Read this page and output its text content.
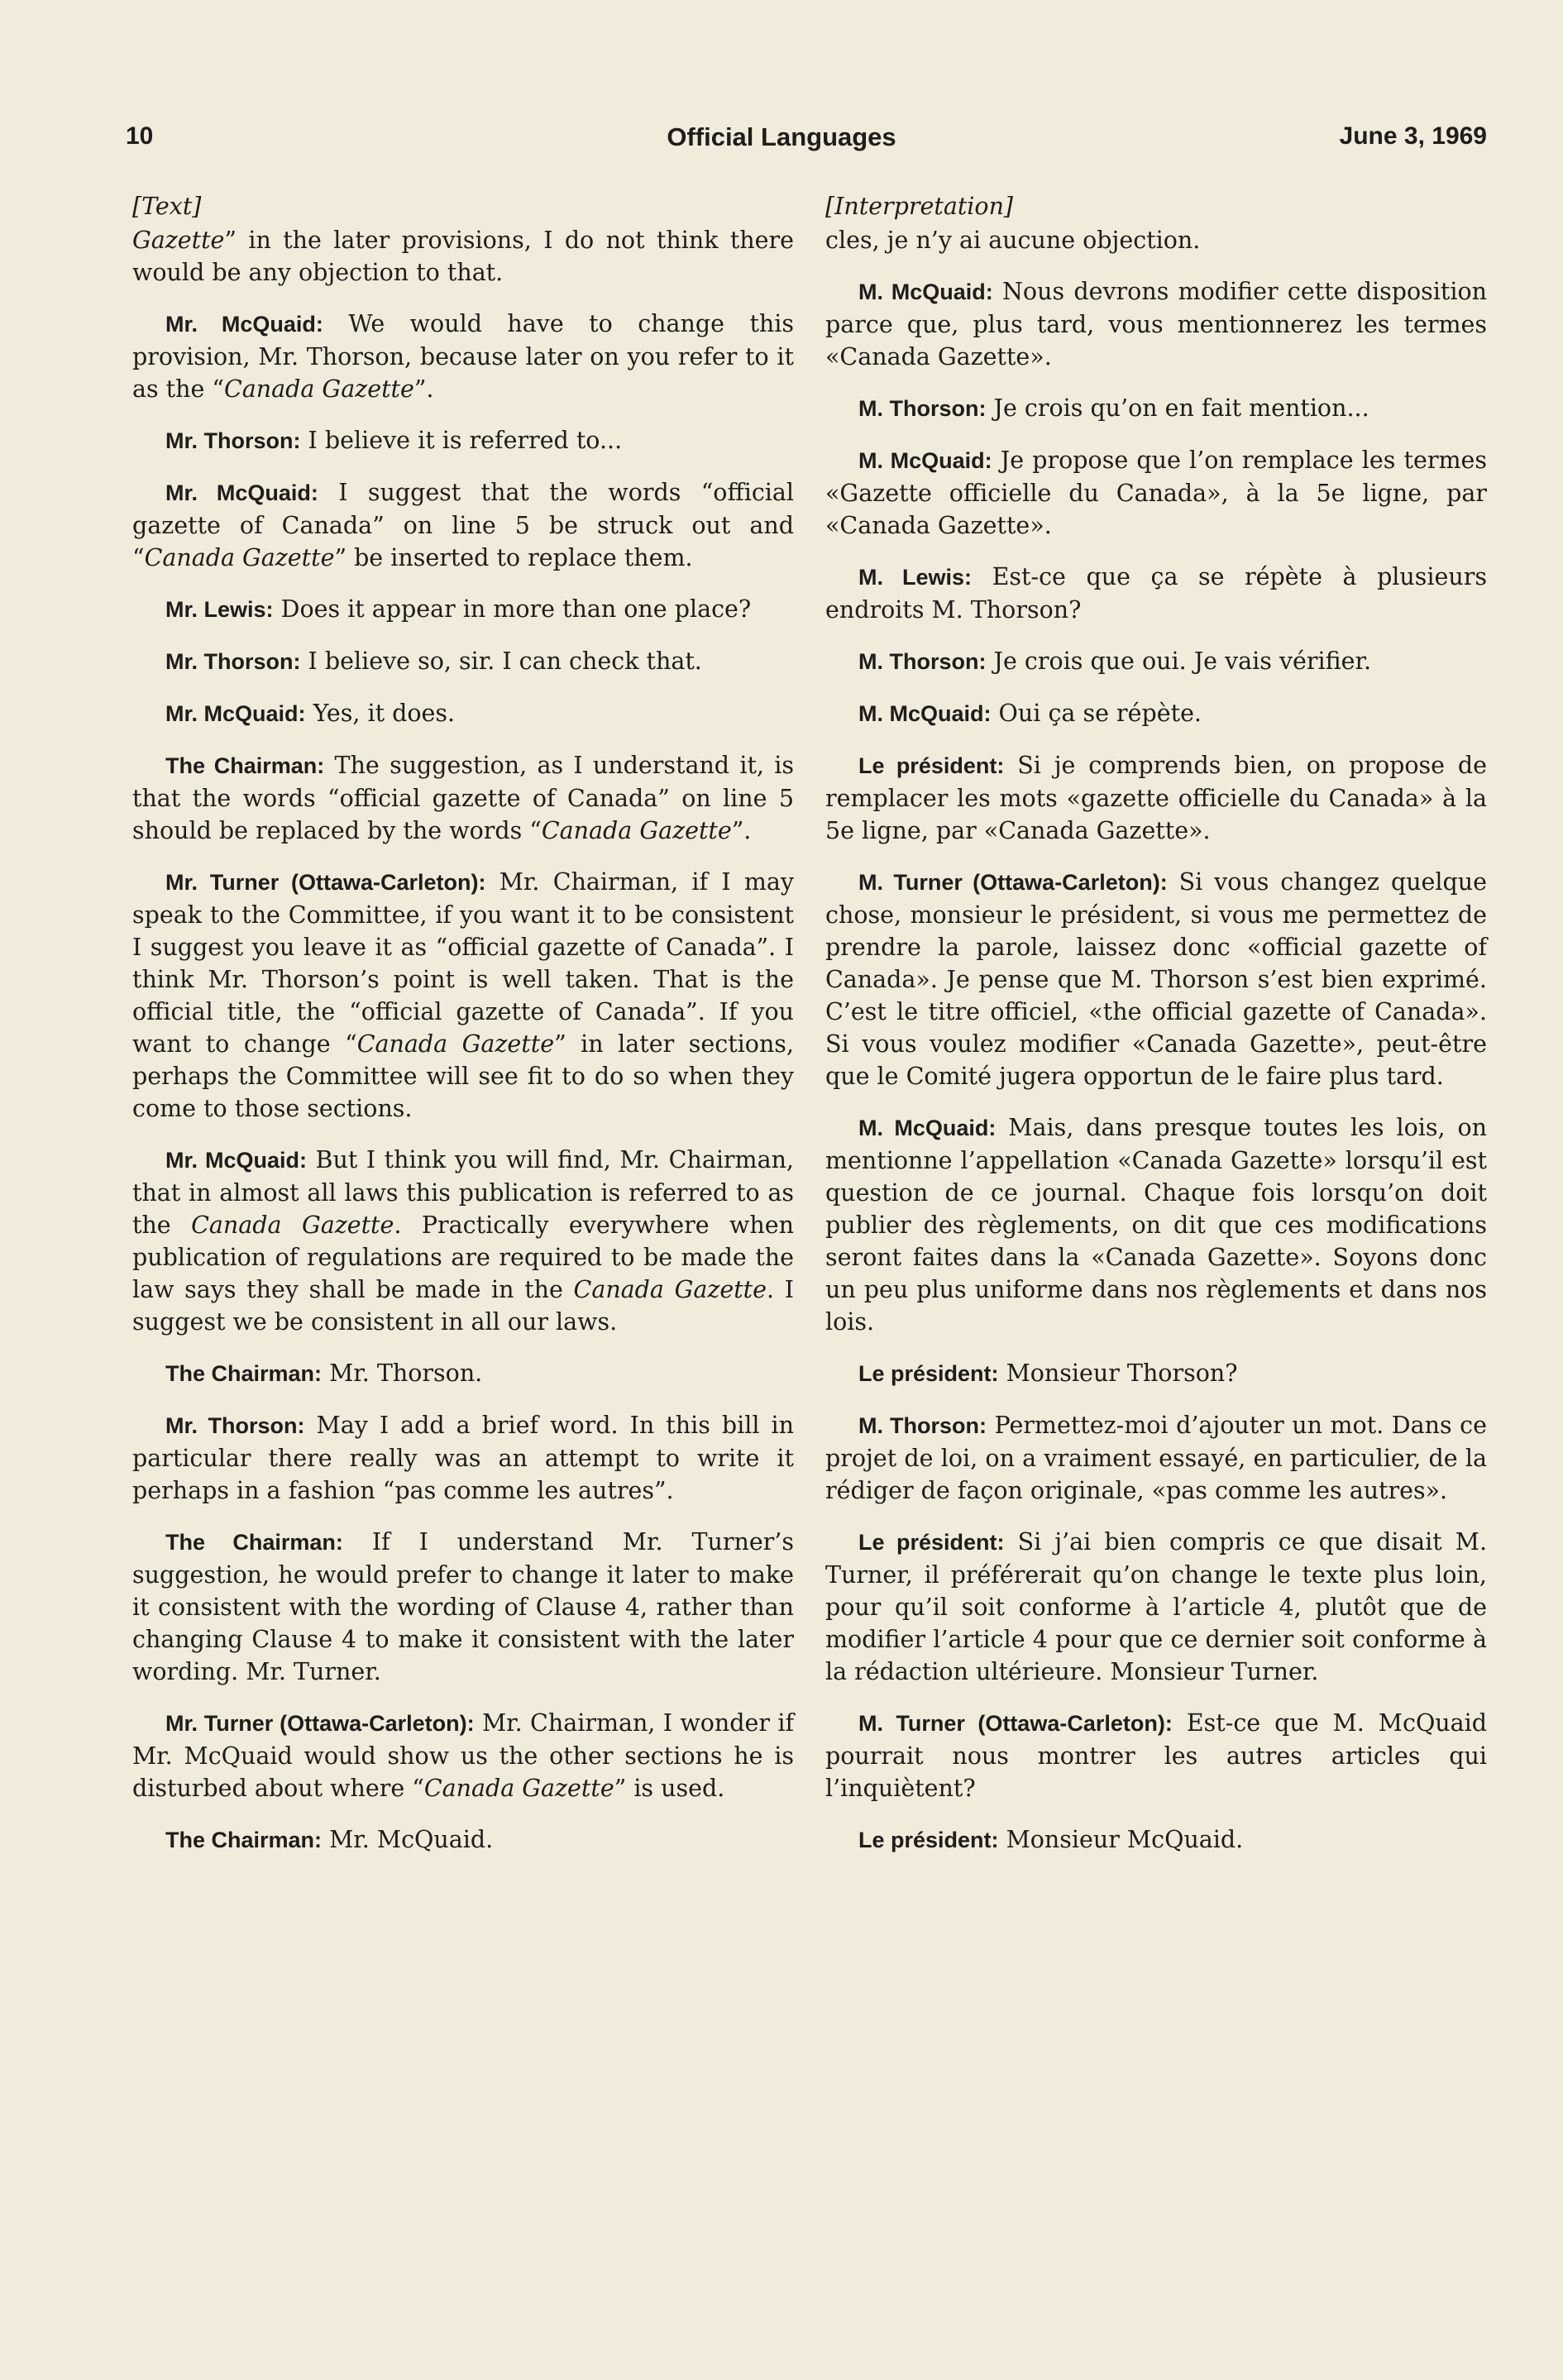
10	Official Languages	June 3, 1969
[Text]
Gazette” in the later provisions, I do not think there would be any objection to that.
Mr. McQuaid: We would have to change this provision, Mr. Thorson, because later on you refer to it as the “Canada Gazette”.
Mr. Thorson: I believe it is referred to...
Mr. McQuaid: I suggest that the words “official gazette of Canada” on line 5 be struck out and “Canada Gazette” be inserted to replace them.
Mr. Lewis: Does it appear in more than one place?
Mr. Thorson: I believe so, sir. I can check that.
Mr. McQuaid: Yes, it does.
The Chairman: The suggestion, as I understand it, is that the words “official gazette of Canada” on line 5 should be replaced by the words “Canada Gazette”.
Mr. Turner (Ottawa-Carleton): Mr. Chairman, if I may speak to the Committee, if you want it to be consistent I suggest you leave it as “official gazette of Canada”. I think Mr. Thorson’s point is well taken. That is the official title, the “official gazette of Canada”. If you want to change “Canada Gazette” in later sections, perhaps the Committee will see fit to do so when they come to those sections.
Mr. McQuaid: But I think you will find, Mr. Chairman, that in almost all laws this publication is referred to as the Canada Gazette. Practically everywhere when publication of regulations are required to be made the law says they shall be made in the Canada Gazette. I suggest we be consistent in all our laws.
The Chairman: Mr. Thorson.
Mr. Thorson: May I add a brief word. In this bill in particular there really was an attempt to write it perhaps in a fashion “pas comme les autres”.
The Chairman: If I understand Mr. Turner’s suggestion, he would prefer to change it later to make it consistent with the wording of Clause 4, rather than changing Clause 4 to make it consistent with the later wording. Mr. Turner.
Mr. Turner (Ottawa-Carleton): Mr. Chairman, I wonder if Mr. McQuaid would show us the other sections he is disturbed about where “Canada Gazette” is used.
The Chairman: Mr. McQuaid.
[Interpretation]
cles, je n’y ai aucune objection.
M. McQuaid: Nous devrons modifier cette disposition parce que, plus tard, vous mentionnerez les termes «Canada Gazette».
M. Thorson: Je crois qu’on en fait mention...
M. McQuaid: Je propose que l’on remplace les termes «Gazette officielle du Canada», à la 5e ligne, par «Canada Gazette».
M. Lewis: Est-ce que ça se répète à plusieurs endroits M. Thorson?
M. Thorson: Je crois que oui. Je vais vérifier.
M. McQuaid: Oui ça se répète.
Le président: Si je comprends bien, on propose de remplacer les mots «gazette officielle du Canada» à la 5e ligne, par «Canada Gazette».
M. Turner (Ottawa-Carleton): Si vous changez quelque chose, monsieur le président, si vous me permettez de prendre la parole, laissez donc «official gazette of Canada». Je pense que M. Thorson s’est bien exprimé. C’est le titre officiel, «the official gazette of Canada». Si vous voulez modifier «Canada Gazette», peut-être que le Comité jugera opportun de le faire plus tard.
M. McQuaid: Mais, dans presque toutes les lois, on mentionne l’appellation «Canada Gazette» lorsqu’il est question de ce journal. Chaque fois lorsqu’on doit publier des règlements, on dit que ces modifications seront faites dans la «Canada Gazette». Soyons donc un peu plus uniforme dans nos règlements et dans nos lois.
Le président: Monsieur Thorson?
M. Thorson: Permettez-moi d’ajouter un mot. Dans ce projet de loi, on a vraiment essayé, en particulier, de la rédiger de façon originale, «pas comme les autres».
Le président: Si j’ai bien compris ce que disait M. Turner, il préférerait qu’on change le texte plus loin, pour qu’il soit conforme à l’article 4, plutôt que de modifier l’article 4 pour que ce dernier soit conforme à la rédaction ultérieure. Monsieur Turner.
M. Turner (Ottawa-Carleton): Est-ce que M. McQuaid pourrait nous montrer les autres articles qui l’inquiètent?
Le président: Monsieur McQuaid.
